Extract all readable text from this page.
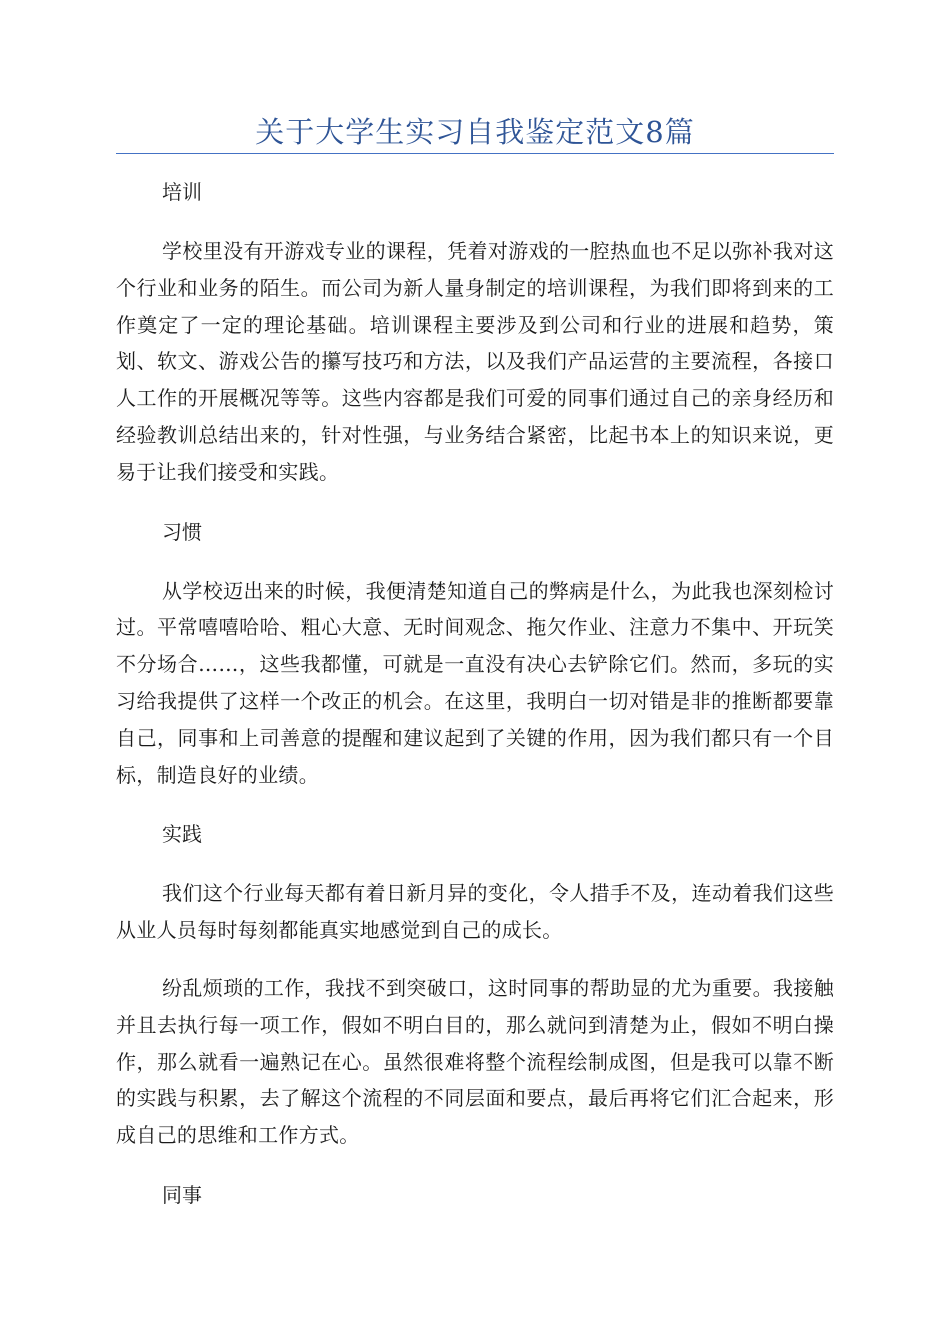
关于大学生实习自我鉴定范文8篇

培训

学校里没有开游戏专业的课程，凭着对游戏的一腔热血也不足以弥补我对这个行业和业务的陌生。而公司为新人量身制定的培训课程，为我们即将到来的工作奠定了一定的理论基础。培训课程主要涉及到公司和行业的进展和趋势，策划、软文、游戏公告的攥写技巧和方法，以及我们产品运营的主要流程，各接口人工作的开展概况等等。这些内容都是我们可爱的同事们通过自己的亲身经历和经验教训总结出来的，针对性强，与业务结合紧密，比起书本上的知识来说，更易于让我们接受和实践。

习惯

从学校迈出来的时候，我便清楚知道自己的弊病是什么，为此我也深刻检讨过。平常嘻嘻哈哈、粗心大意、无时间观念、拖欠作业、注意力不集中、开玩笑不分场合……，这些我都懂，可就是一直没有决心去铲除它们。然而，多玩的实习给我提供了这样一个改正的机会。在这里，我明白一切对错是非的推断都要靠自己，同事和上司善意的提醒和建议起到了关键的作用，因为我们都只有一个目标，制造良好的业绩。

实践

我们这个行业每天都有着日新月异的变化，令人措手不及，连动着我们这些从业人员每时每刻都能真实地感觉到自己的成长。

纷乱烦琐的工作，我找不到突破口，这时同事的帮助显的尤为重要。我接触并且去执行每一项工作，假如不明白目的，那么就问到清楚为止，假如不明白操作，那么就看一遍熟记在心。虽然很难将整个流程绘制成图，但是我可以靠不断的实践与积累，去了解这个流程的不同层面和要点，最后再将它们汇合起来，形成自己的思维和工作方式。

同事
